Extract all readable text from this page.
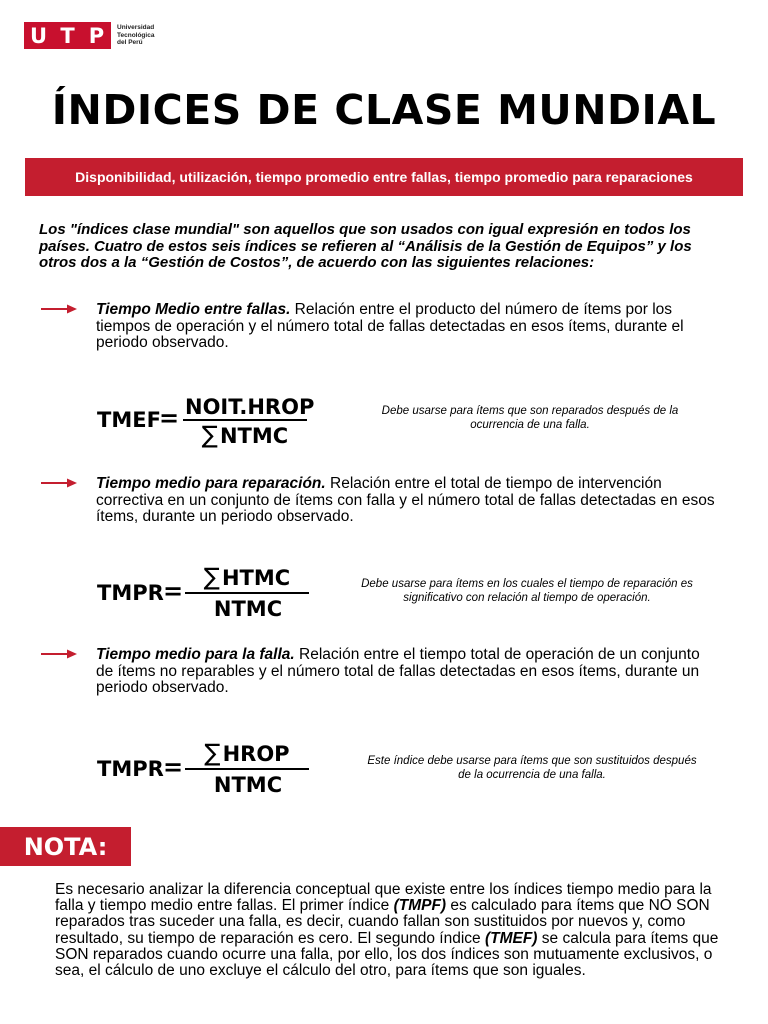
U T P	Universidad
Tecnológica
del Perú
ÍNDICES DE CLASE MUNDIAL
Disponibilidad, utilización, tiempo promedio entre fallas, tiempo promedio para reparaciones
Los "índices clase mundial" son aquellos que son usados con igual expresión en todos los países. Cuatro de estos seis índices se refieren al “Análisis de la Gestión de Equipos” y los otros dos a la “Gestión de Costos”, de acuerdo con las siguientes relaciones:
Tiempo Medio entre fallas. Relación entre el producto del número de ítems por los tiempos de operación y el número total de fallas detectadas en esos ítems, durante el periodo observado.
TMEF
= NOIT.HROP
∑NTMC
Debe usarse para ítems que son reparados después de la ocurrencia de una falla.
Tiempo medio para reparación. Relación entre el total de tiempo de intervención correctiva en un conjunto de ítems con falla y el número total de fallas detectadas en esos ítems, durante un periodo observado.
TMPR = ∑HTMC
NTMC
Debe usarse para ítems en los cuales el tiempo de reparación es significativo con relación al tiempo de operación.
Tiempo medio para la falla. Relación entre el tiempo total de operación de un conjunto de ítems no reparables y el número total de fallas detectadas en esos ítems, durante un periodo observado.
TMPR = ∑HROP
NTMC
Este índice debe usarse para ítems que son sustituidos después de la ocurrencia de una falla.
NOTA:
Es necesario analizar la diferencia conceptual que existe entre los índices tiempo medio para la falla y tiempo medio entre fallas. El primer índice (TMPF) es calculado para ítems que NO SON reparados tras suceder una falla, es decir, cuando fallan son sustituidos por nuevos y, como resultado, su tiempo de reparación es cero. El segundo índice (TMEF) se calcula para ítems que SON reparados cuando ocurre una falla, por ello, los dos índices son mutuamente exclusivos, o sea, el cálculo de uno excluye el cálculo del otro, para ítems que son iguales.
